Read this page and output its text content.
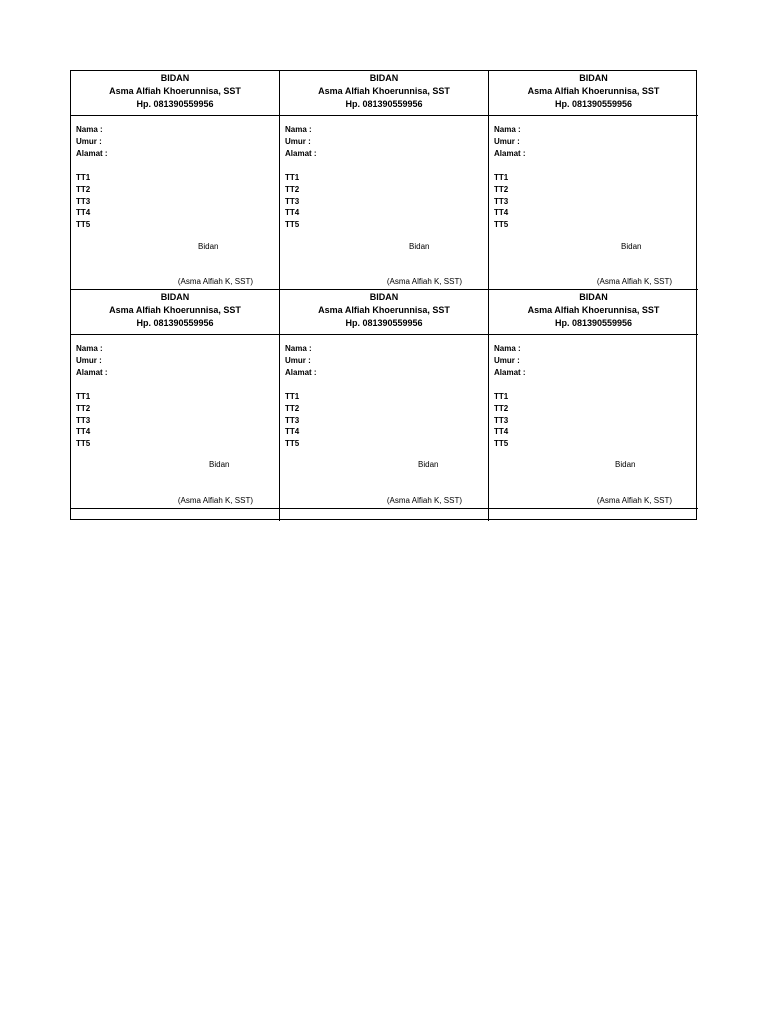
BIDAN
Asma Alfiah Khoerunnisa, SST
Hp. 081390559956
Nama :
Umur :
Alamat :
TT1
TT2
TT3
TT4
TT5
Bidan
(Asma Alfiah K, SST)
BIDAN
Asma Alfiah Khoerunnisa, SST
Hp. 081390559956
Nama :
Umur :
Alamat :
TT1
TT2
TT3
TT4
TT5
Bidan
(Asma Alfiah K, SST)
BIDAN
Asma Alfiah Khoerunnisa, SST
Hp. 081390559956
Nama :
Umur :
Alamat :
TT1
TT2
TT3
TT4
TT5
Bidan
(Asma Alfiah K, SST)
BIDAN
Asma Alfiah Khoerunnisa, SST
Hp. 081390559956
Nama :
Umur :
Alamat :
TT1
TT2
TT3
TT4
TT5
Bidan
(Asma Alfiah K, SST)
BIDAN
Asma Alfiah Khoerunnisa, SST
Hp. 081390559956
Nama :
Umur :
Alamat :
TT1
TT2
TT3
TT4
TT5
Bidan
(Asma Alfiah K, SST)
BIDAN
Asma Alfiah Khoerunnisa, SST
Hp. 081390559956
Nama :
Umur :
Alamat :
TT1
TT2
TT3
TT4
TT5
Bidan
(Asma Alfiah K, SST)
